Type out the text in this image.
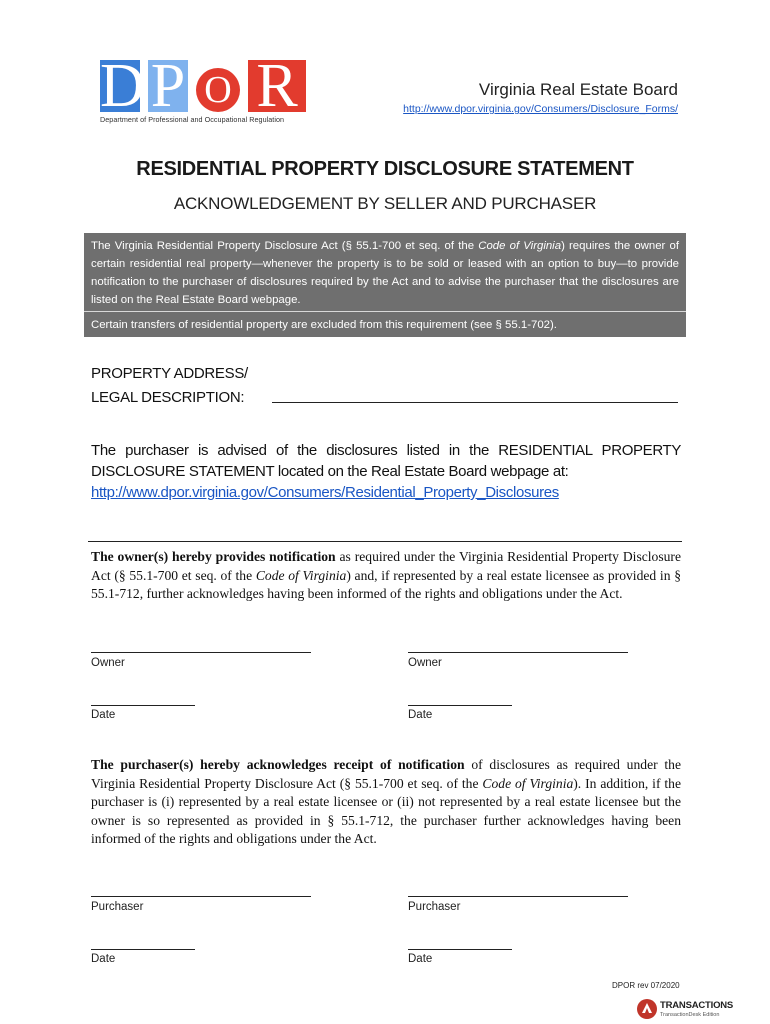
D P O R
Department of Professional and Occupational Regulation
Virginia Real Estate Board
http://www.dpor.virginia.gov/Consumers/Disclosure_Forms/
RESIDENTIAL PROPERTY DISCLOSURE STATEMENT
ACKNOWLEDGEMENT BY SELLER AND PURCHASER
The Virginia Residential Property Disclosure Act (§ 55.1-700 et seq. of the Code of Virginia) requires the owner of certain residential real property—whenever the property is to be sold or leased with an option to buy—to provide notification to the purchaser of disclosures required by the Act and to advise the purchaser that the disclosures are listed on the Real Estate Board webpage.
Certain transfers of residential property are excluded from this requirement (see § 55.1-702).
PROPERTY ADDRESS/
LEGAL DESCRIPTION:
The purchaser is advised of the disclosures listed in the RESIDENTIAL PROPERTY DISCLOSURE STATEMENT located on the Real Estate Board webpage at:
http://www.dpor.virginia.gov/Consumers/Residential_Property_Disclosures
The owner(s) hereby provides notification as required under the Virginia Residential Property Disclosure Act (§ 55.1-700 et seq. of the Code of Virginia) and, if represented by a real estate licensee as provided in § 55.1-712, further acknowledges having been informed of the rights and obligations under the Act.
Owner	Owner
Date	Date
The purchaser(s) hereby acknowledges receipt of notification of disclosures as required under the Virginia Residential Property Disclosure Act (§ 55.1-700 et seq. of the Code of Virginia). In addition, if the purchaser is (i) represented by a real estate licensee or (ii) not represented by a real estate licensee but the owner is so represented as provided in § 55.1-712, the purchaser further acknowledges having been informed of the rights and obligations under the Act.
Purchaser	Purchaser
Date	Date
DPOR rev 07/2020
TRANSACTIONS
TransactionDesk Edition
